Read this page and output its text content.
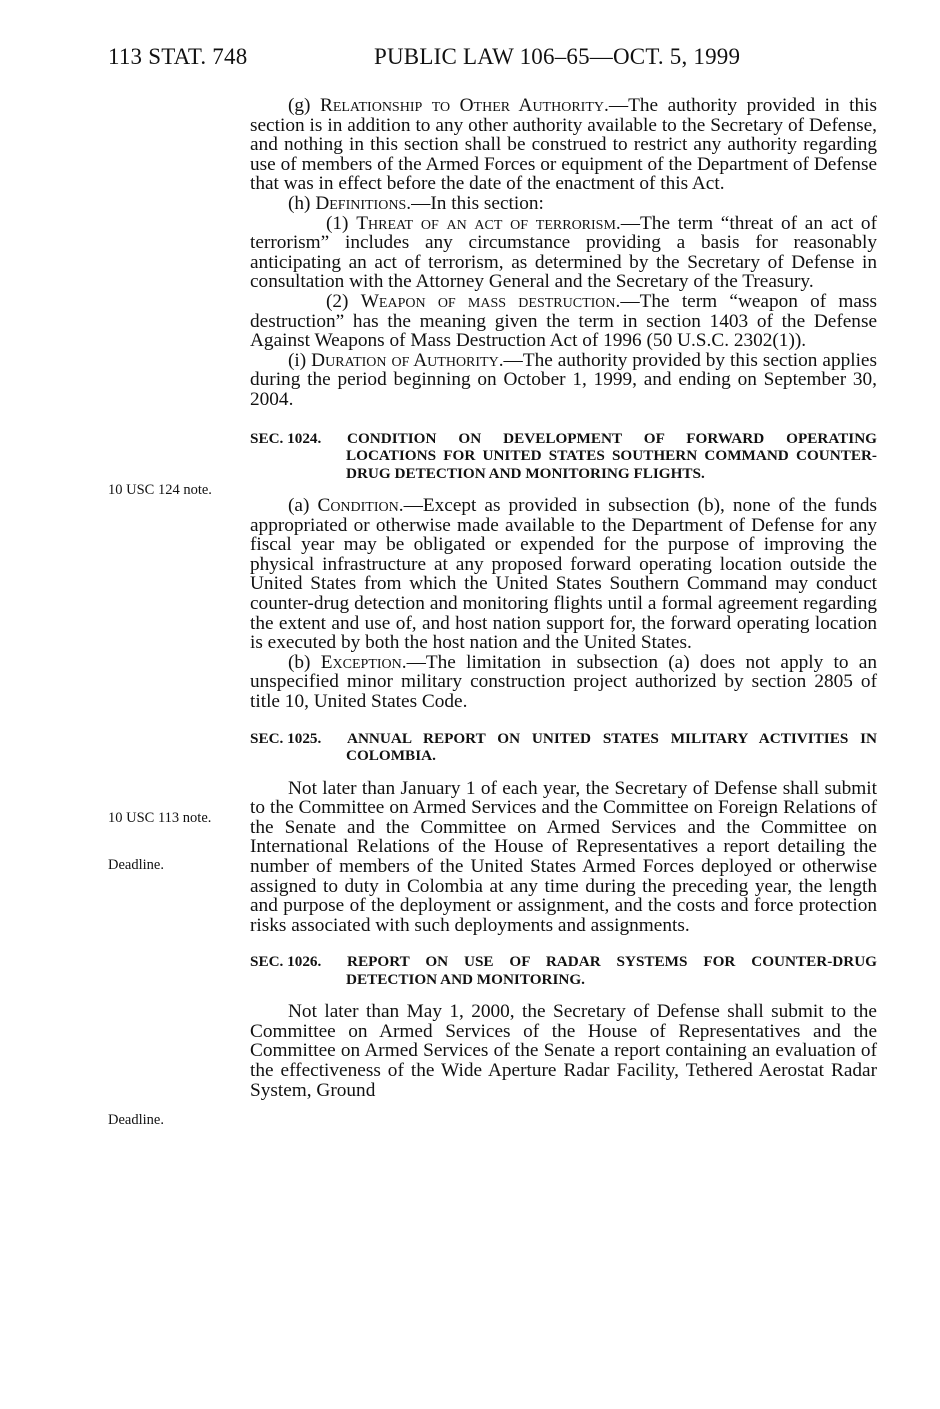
113 STAT. 748	PUBLIC LAW 106–65—OCT. 5, 1999
10 USC 124 note.
10 USC 113 note.
Deadline.
Deadline.

(g) Relationship to Other Authority.—The authority provided in this section is in addition to any other authority available to the Secretary of Defense, and nothing in this section shall be construed to restrict any authority regarding use of members of the Armed Forces or equipment of the Department of Defense that was in effect before the date of the enactment of this Act.

(h) Definitions.—In this section:

(1) Threat of an act of terrorism.—The term “threat of an act of terrorism” includes any circumstance providing a basis for reasonably anticipating an act of terrorism, as determined by the Secretary of Defense in consultation with the Attorney General and the Secretary of the Treasury.

(2) Weapon of mass destruction.—The term “weapon of mass destruction” has the meaning given the term in section 1403 of the Defense Against Weapons of Mass Destruction Act of 1996 (50 U.S.C. 2302(1)).

(i) Duration of Authority.—The authority provided by this section applies during the period beginning on October 1, 1999, and ending on September 30, 2004.

SEC. 1024. CONDITION ON DEVELOPMENT OF FORWARD OPERATING LOCATIONS FOR UNITED STATES SOUTHERN COMMAND COUNTER-DRUG DETECTION AND MONITORING FLIGHTS.

(a) Condition.—Except as provided in subsection (b), none of the funds appropriated or otherwise made available to the Department of Defense for any fiscal year may be obligated or expended for the purpose of improving the physical infrastructure at any proposed forward operating location outside the United States from which the United States Southern Command may conduct counter-drug detection and monitoring flights until a formal agreement regarding the extent and use of, and host nation support for, the forward operating location is executed by both the host nation and the United States.

(b) Exception.—The limitation in subsection (a) does not apply to an unspecified minor military construction project authorized by section 2805 of title 10, United States Code.

SEC. 1025. ANNUAL REPORT ON UNITED STATES MILITARY ACTIVITIES IN COLOMBIA.

Not later than January 1 of each year, the Secretary of Defense shall submit to the Committee on Armed Services and the Committee on Foreign Relations of the Senate and the Committee on Armed Services and the Committee on International Relations of the House of Representatives a report detailing the number of members of the United States Armed Forces deployed or otherwise assigned to duty in Colombia at any time during the preceding year, the length and purpose of the deployment or assignment, and the costs and force protection risks associated with such deployments and assignments.

SEC. 1026. REPORT ON USE OF RADAR SYSTEMS FOR COUNTER-DRUG DETECTION AND MONITORING.

Not later than May 1, 2000, the Secretary of Defense shall submit to the Committee on Armed Services of the House of Representatives and the Committee on Armed Services of the Senate a report containing an evaluation of the effectiveness of the Wide Aperture Radar Facility, Tethered Aerostat Radar System, Ground
